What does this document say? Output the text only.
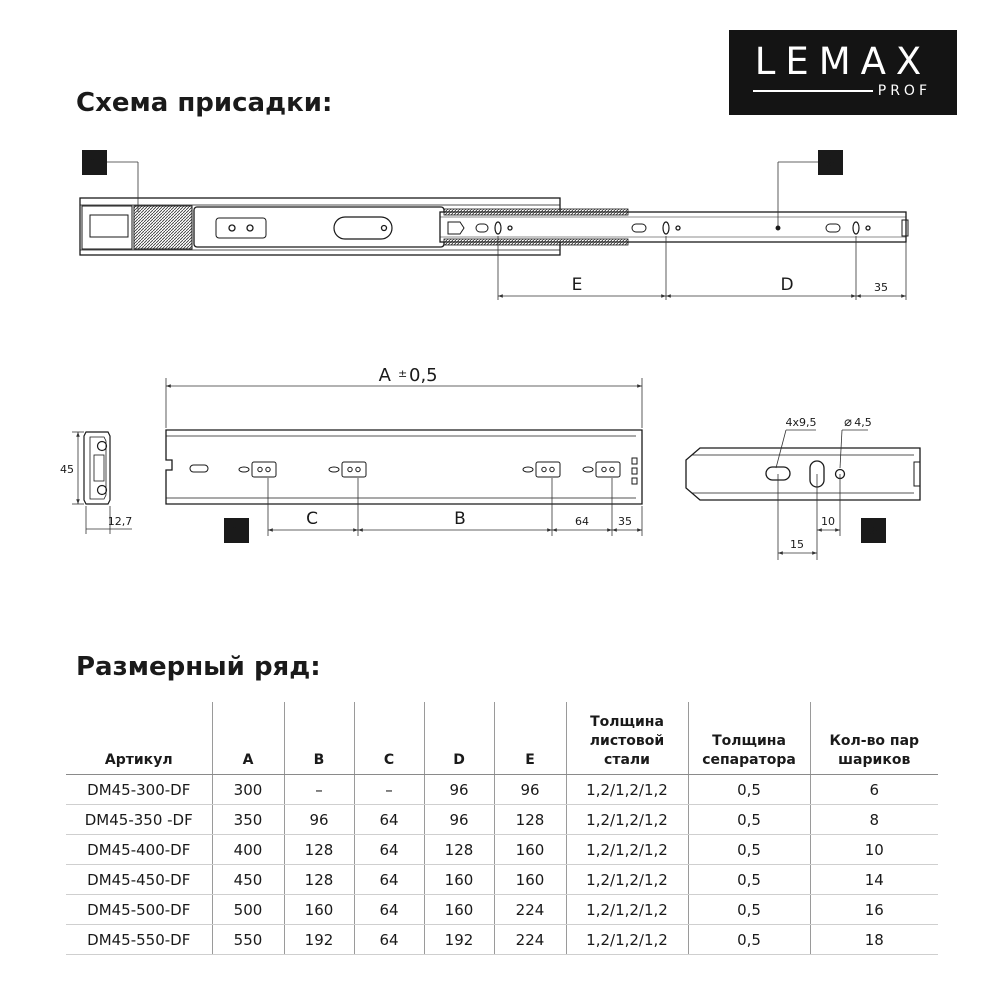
LEMAX
PROF
Схема присадки:
Размерный ряд:
1	2
E	D	35
45
12,7
A ± 0,5
C	B	64	35
1
4x9,5 ⌀ 4,5
15
10
2
Артикул	A	B	C	D	E	Толщина листовой стали	Толщина сепаратора	Кол-во пар шариков
DM45-300-DF	300	–	–	96	96	1,2/1,2/1,2	0,5	6
DM45-350 -DF	350	96	64	96	128	1,2/1,2/1,2	0,5	8
DM45-400-DF	400	128	64	128	160	1,2/1,2/1,2	0,5	10
DM45-450-DF	450	128	64	160	160	1,2/1,2/1,2	0,5	14
DM45-500-DF	500	160	64	160	224	1,2/1,2/1,2	0,5	16
DM45-550-DF	550	192	64	192	224	1,2/1,2/1,2	0,5	18
